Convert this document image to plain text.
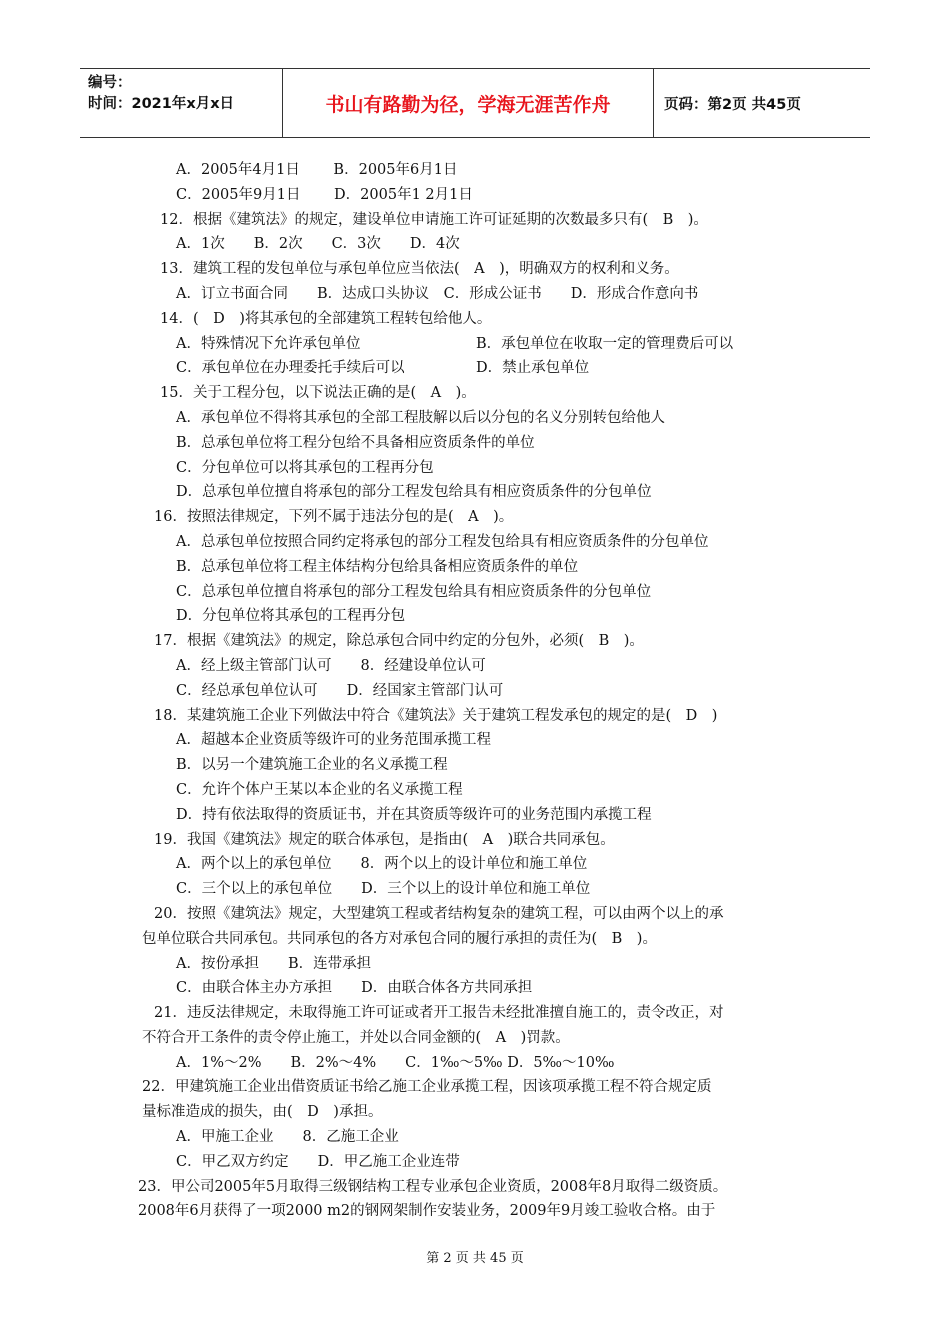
编号：
时间：2021年x月x日	书山有路勤为径，学海无涯苦作舟	页码：第2页 共45页
A．2005年4月1日　　 B．2005年6月1日
C．2005年9月1日　　 D．2005年1 2月1日
12．根据《建筑法》的规定，建设单位申请施工许可证延期的次数最多只有(　B　)。
A．1次　　B．2次　　C．3次　　D．4次
13．建筑工程的发包单位与承包单位应当依法(　A　)，明确双方的权利和义务。
A．订立书面合同　　B．达成口头协议　C．形成公证书　　D．形成合作意向书
14．(　D　)将其承包的全部建筑工程转包给他人。
A．特殊情况下允许承包单位	B．承包单位在收取一定的管理费后可以
C．承包单位在办理委托手续后可以	D．禁止承包单位
15．关于工程分包，以下说法正确的是(　A　)。
A．承包单位不得将其承包的全部工程肢解以后以分包的名义分别转包给他人
B．总承包单位将工程分包给不具备相应资质条件的单位
C．分包单位可以将其承包的工程再分包
D．总承包单位擅自将承包的部分工程发包给具有相应资质条件的分包单位
16．按照法律规定，下列不属于违法分包的是(　A　)。
A．总承包单位按照合同约定将承包的部分工程发包给具有相应资质条件的分包单位
B．总承包单位将工程主体结构分包给具备相应资质条件的单位
C．总承包单位擅自将承包的部分工程发包给具有相应资质条件的分包单位
D．分包单位将其承包的工程再分包
17．根据《建筑法》的规定，除总承包合同中约定的分包外，必须(　B　)。
A．经上级主管部门认可　　8．经建设单位认可
C．经总承包单位认可　　D．经国家主管部门认可
18．某建筑施工企业下列做法中符合《建筑法》关于建筑工程发承包的规定的是(　D　)
A．超越本企业资质等级许可的业务范围承揽工程
B．以另一个建筑施工企业的名义承揽工程
C．允许个体户王某以本企业的名义承揽工程
D．持有依法取得的资质证书，并在其资质等级许可的业务范围内承揽工程
19．我国《建筑法》规定的联合体承包，是指由(　A　)联合共同承包。
A．两个以上的承包单位　　8．两个以上的设计单位和施工单位
C．三个以上的承包单位　　D．三个以上的设计单位和施工单位
20．按照《建筑法》规定，大型建筑工程或者结构复杂的建筑工程，可以由两个以上的承
包单位联合共同承包。共同承包的各方对承包合同的履行承担的责任为(　B　)。
A．按份承担　　B．连带承担
C．由联合体主办方承担　　D．由联合体各方共同承担
21．违反法律规定，未取得施工许可证或者开工报告未经批准擅自施工的，责令改正，对
不符合开工条件的责令停止施工，并处以合同金额的(　A　)罚款。
A．1%～2%　　B．2%～4%　　C．1‰～5‰ D．5‰～10‰
22．甲建筑施工企业出借资质证书给乙施工企业承揽工程，因该项承揽工程不符合规定质
量标准造成的损失，由(　D　)承担。
A．甲施工企业　　8．乙施工企业
C．甲乙双方约定　　D．甲乙施工企业连带
23．甲公司2005年5月取得三级钢结构工程专业承包企业资质，2008年8月取得二级资质。
2008年6月获得了一项2000 m2的钢网架制作安装业务，2009年9月竣工验收合格。由于
第 2 页 共 45 页
